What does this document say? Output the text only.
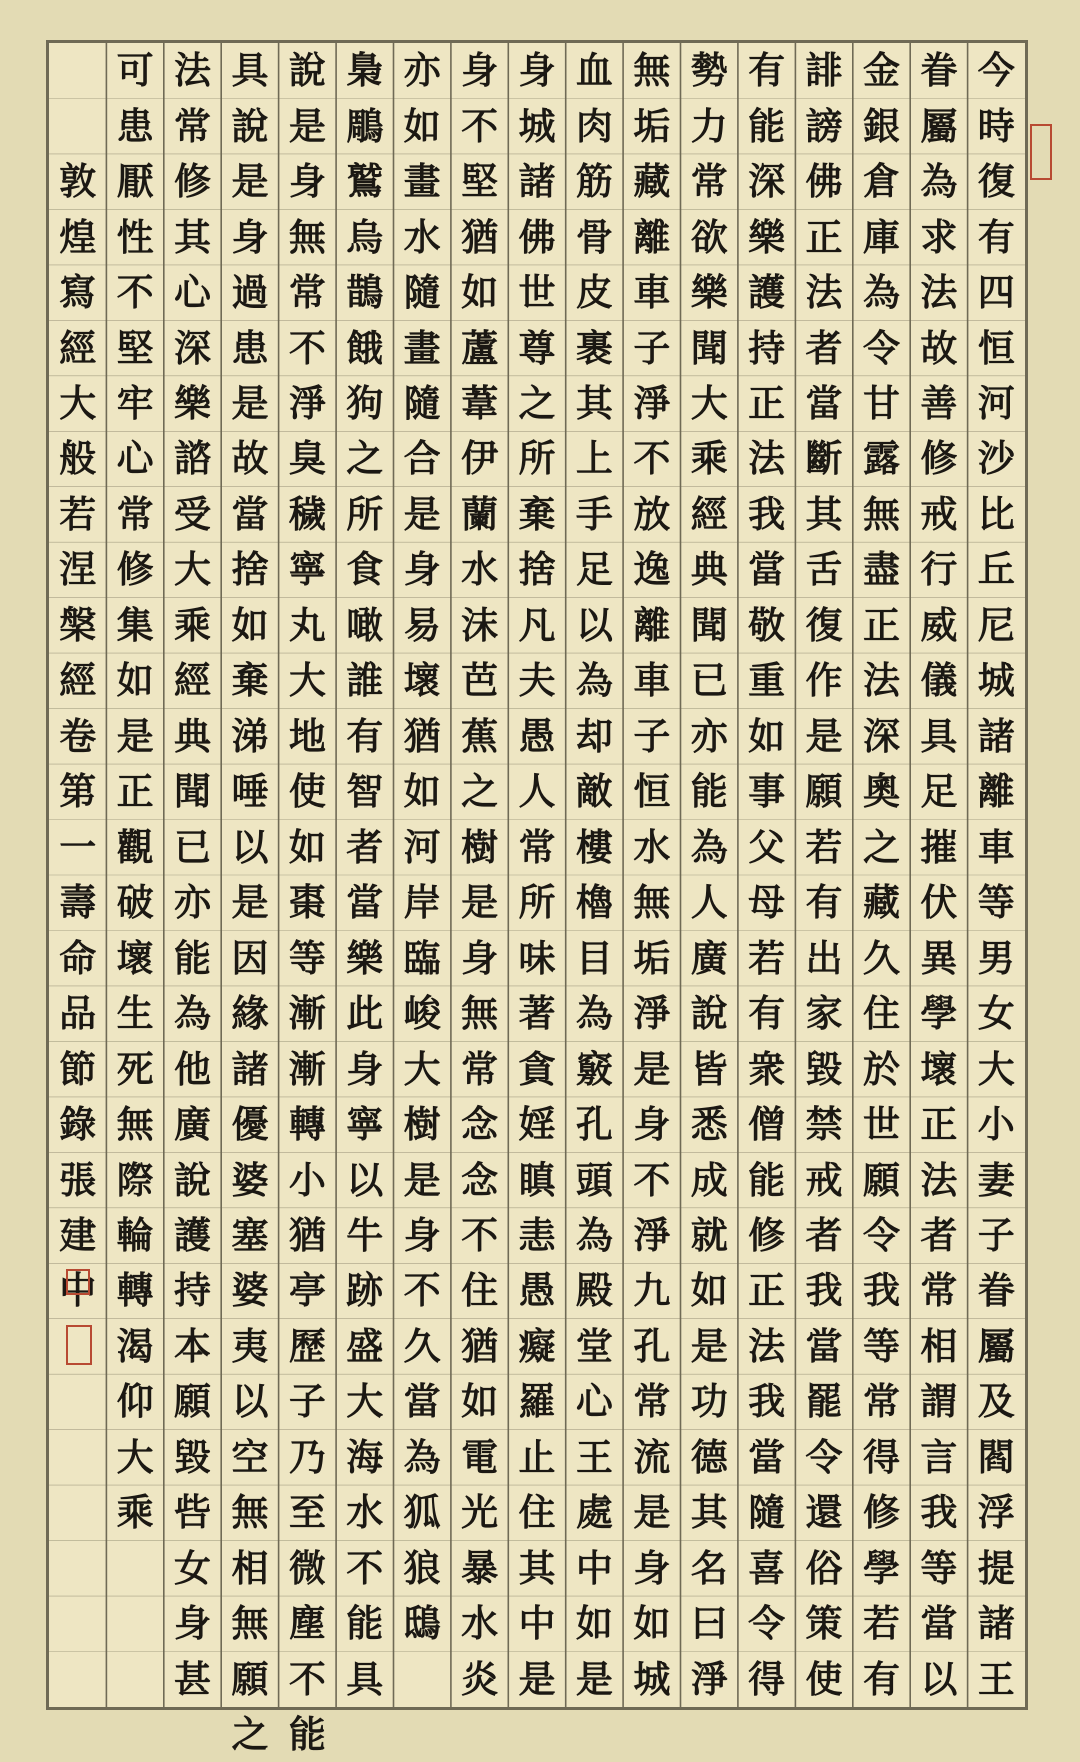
今
時
復
有
四
恒
河
沙
比
丘
尼
城
諸
離
車
等
男
女
大
小
妻
子
眷
屬
及
閻
浮
提
諸
王
眷
屬
為
求
法
故
善
修
戒
行
威
儀
具
足
摧
伏
異
學
壞
正
法
者
常
相
謂
言
我
等
當
以
金
銀
倉
庫
為
令
甘
露
無
盡
正
法
深
奧
之
藏
久
住
於
世
願
令
我
等
常
得
修
學
若
有
誹
謗
佛
正
法
者
當
斷
其
舌
復
作
是
願
若
有
出
家
毀
禁
戒
者
我
當
罷
令
還
俗
策
使
有
能
深
樂
護
持
正
法
我
當
敬
重
如
事
父
母
若
有
衆
僧
能
修
正
法
我
當
隨
喜
令
得
勢
力
常
欲
樂
聞
大
乘
經
典
聞
已
亦
能
為
人
廣
說
皆
悉
成
就
如
是
功
德
其
名
曰
淨
無
垢
藏
離
車
子
淨
不
放
逸
離
車
子
恒
水
無
垢
淨
是
身
不
淨
九
孔
常
流
是
身
如
城
血
肉
筋
骨
皮
裹
其
上
手
足
以
為
却
敵
樓
櫓
目
為
竅
孔
頭
為
殿
堂
心
王
處
中
如
是
身
城
諸
佛
世
尊
之
所
棄
捨
凡
夫
愚
人
常
所
味
著
貪
婬
瞋
恚
愚
癡
羅
止
住
其
中
是
身
不
堅
猶
如
蘆
葦
伊
蘭
水
沫
芭
蕉
之
樹
是
身
無
常
念
念
不
住
猶
如
電
光
暴
水
炎
亦
如
畫
水
隨
畫
隨
合
是
身
易
壞
猶
如
河
岸
臨
峻
大
樹
是
身
不
久
當
為
狐
狼
鴟
梟
鵰
鷲
烏
鵲
餓
狗
之
所
食
噉
誰
有
智
者
當
樂
此
身
寧
以
牛
跡
盛
大
海
水
不
能
具
說
是
身
無
常
不
淨
臭
穢
寧
丸
大
地
使
如
棗
等
漸
漸
轉
小
猶
亭
歷
子
乃
至
微
塵
不
能
具
說
是
身
過
患
是
故
當
捨
如
棄
涕
唾
以
是
因
緣
諸
優
婆
塞
婆
夷
以
空
無
相
無
願
之
法
常
修
其
心
深
樂
諮
受
大
乘
經
典
聞
已
亦
能
為
他
廣
說
護
持
本
願
毀
呰
女
身
甚
可
患
厭
性
不
堅
牢
心
常
修
集
如
是
正
觀
破
壞
生
死
無
際
輪
轉
渴
仰
大
乘
敦
煌
寫
經
大
般
若
涅
槃
經
卷
第
一
壽
命
品
節
錄
張
建
中
